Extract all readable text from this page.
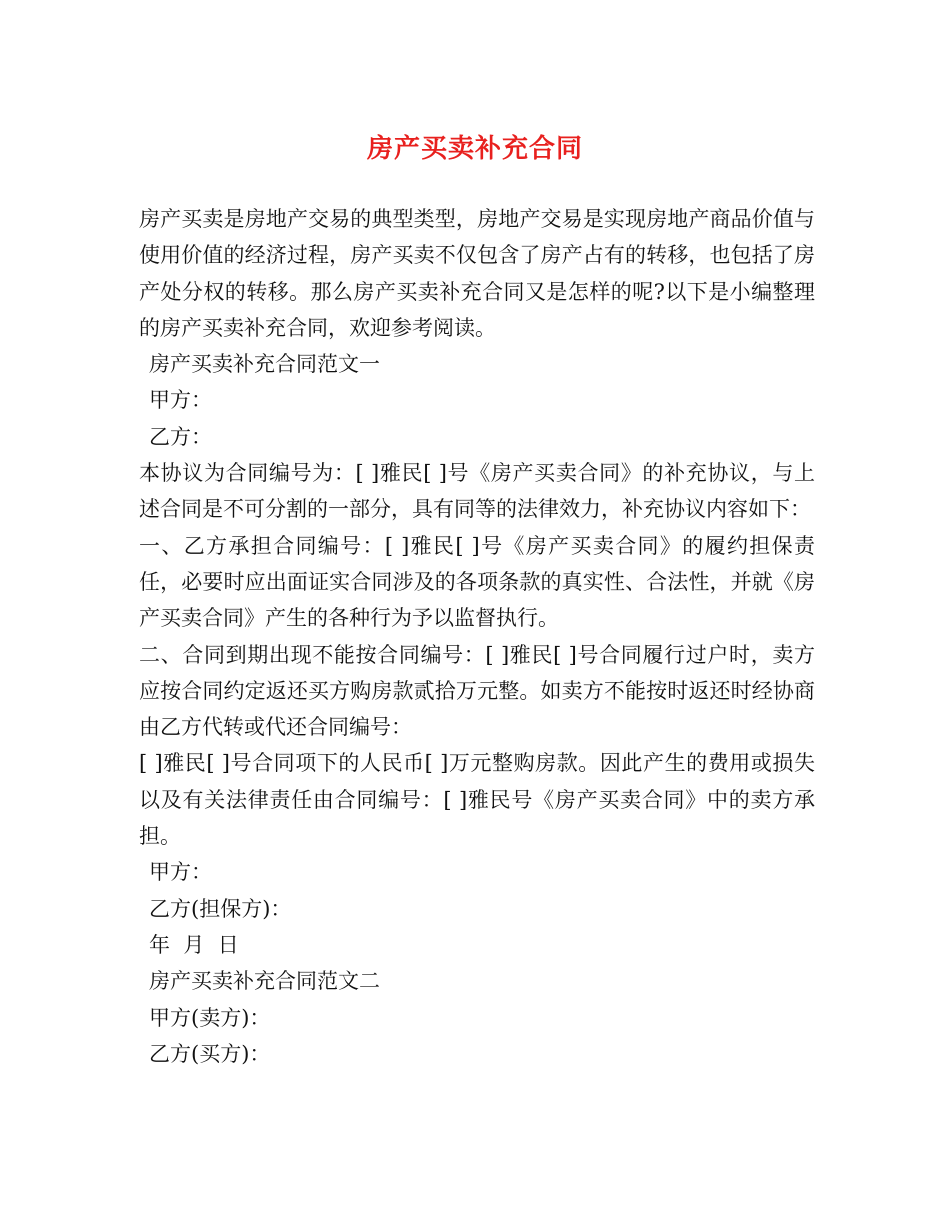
房产买卖补充合同

房产买卖是房地产交易的典型类型，房地产交易是实现房地产商品价值与使用价值的经济过程，房产买卖不仅包含了房产占有的转移，也包括了房产处分权的转移。那么房产买卖补充合同又是怎样的呢?以下是小编整理的房产买卖补充合同，欢迎参考阅读。

房产买卖补充合同范文一

甲方：

乙方：

本协议为合同编号为：[ ]雅民[ ]号《房产买卖合同》的补充协议，与上述合同是不可分割的一部分，具有同等的法律效力，补充协议内容如下：

一、乙方承担合同编号：[ ]雅民[ ]号《房产买卖合同》的履约担保责任，必要时应出面证实合同涉及的各项条款的真实性、合法性，并就《房产买卖合同》产生的各种行为予以监督执行。

二、合同到期出现不能按合同编号：[ ]雅民[ ]号合同履行过户时，卖方应按合同约定返还买方购房款贰拾万元整。如卖方不能按时返还时经协商由乙方代转或代还合同编号：

[ ]雅民[ ]号合同项下的人民币[ ]万元整购房款。因此产生的费用或损失以及有关法律责任由合同编号：[ ]雅民号《房产买卖合同》中的卖方承担。

甲方：

乙方(担保方)：

年  月  日

房产买卖补充合同范文二

甲方(卖方)：

乙方(买方)：
